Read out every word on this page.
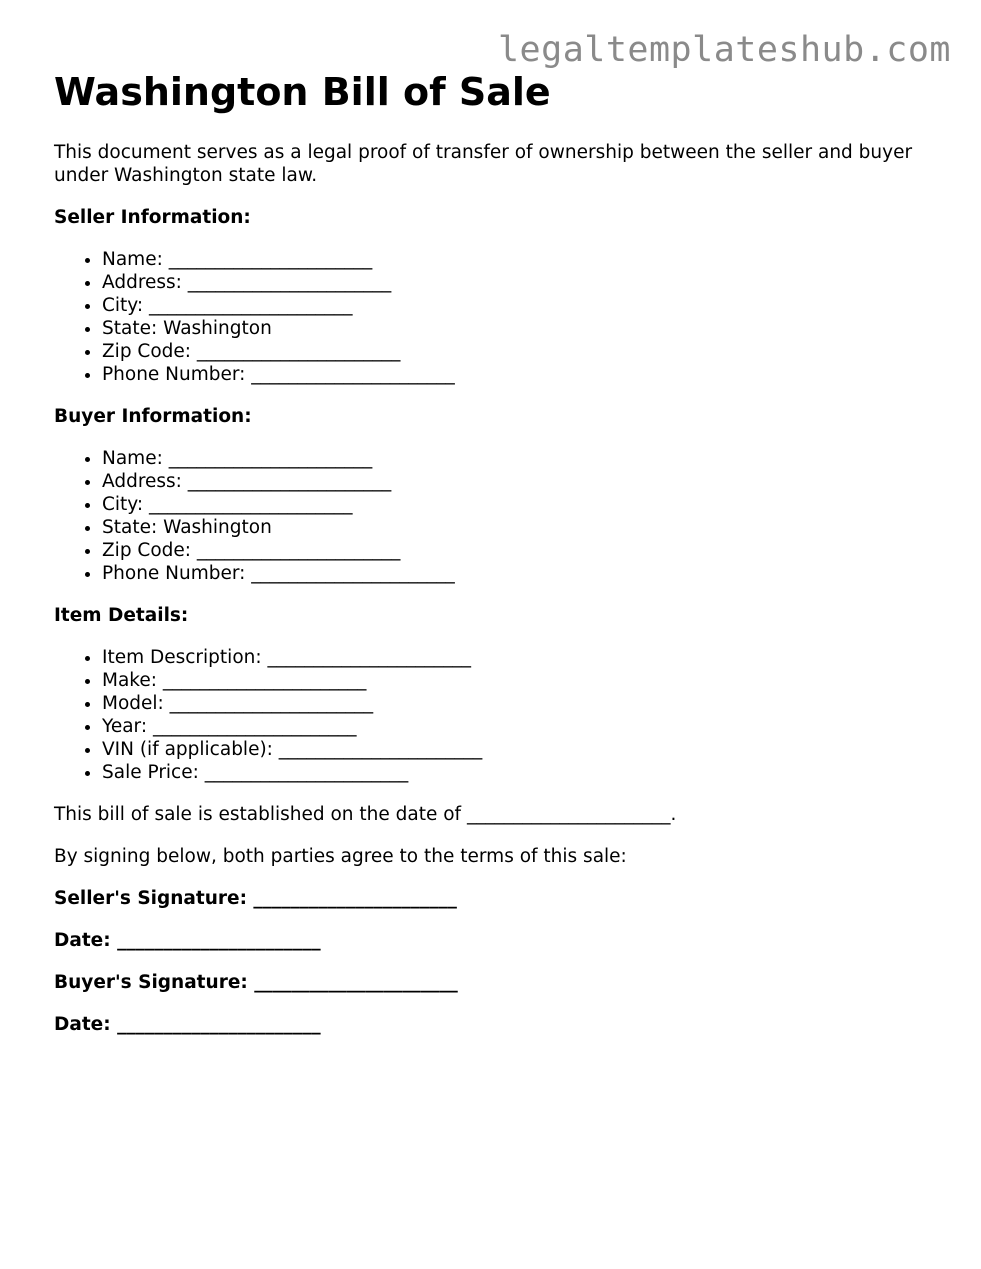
legaltemplateshub.com
Washington Bill of Sale

This document serves as a legal proof of transfer of ownership between the seller and buyer under Washington state law.

Seller Information:

• Name: ______________________
• Address: ______________________
• City: ______________________
• State: Washington
• Zip Code: ______________________
• Phone Number: ______________________

Buyer Information:

• Name: ______________________
• Address: ______________________
• City: ______________________
• State: Washington
• Zip Code: ______________________
• Phone Number: ______________________

Item Details:

• Item Description: ______________________
• Make: ______________________
• Model: ______________________
• Year: ______________________
• VIN (if applicable): ______________________
• Sale Price: ______________________

This bill of sale is established on the date of ______________________.

By signing below, both parties agree to the terms of this sale:

Seller's Signature: ______________________

Date: ______________________

Buyer's Signature: ______________________

Date: ______________________
